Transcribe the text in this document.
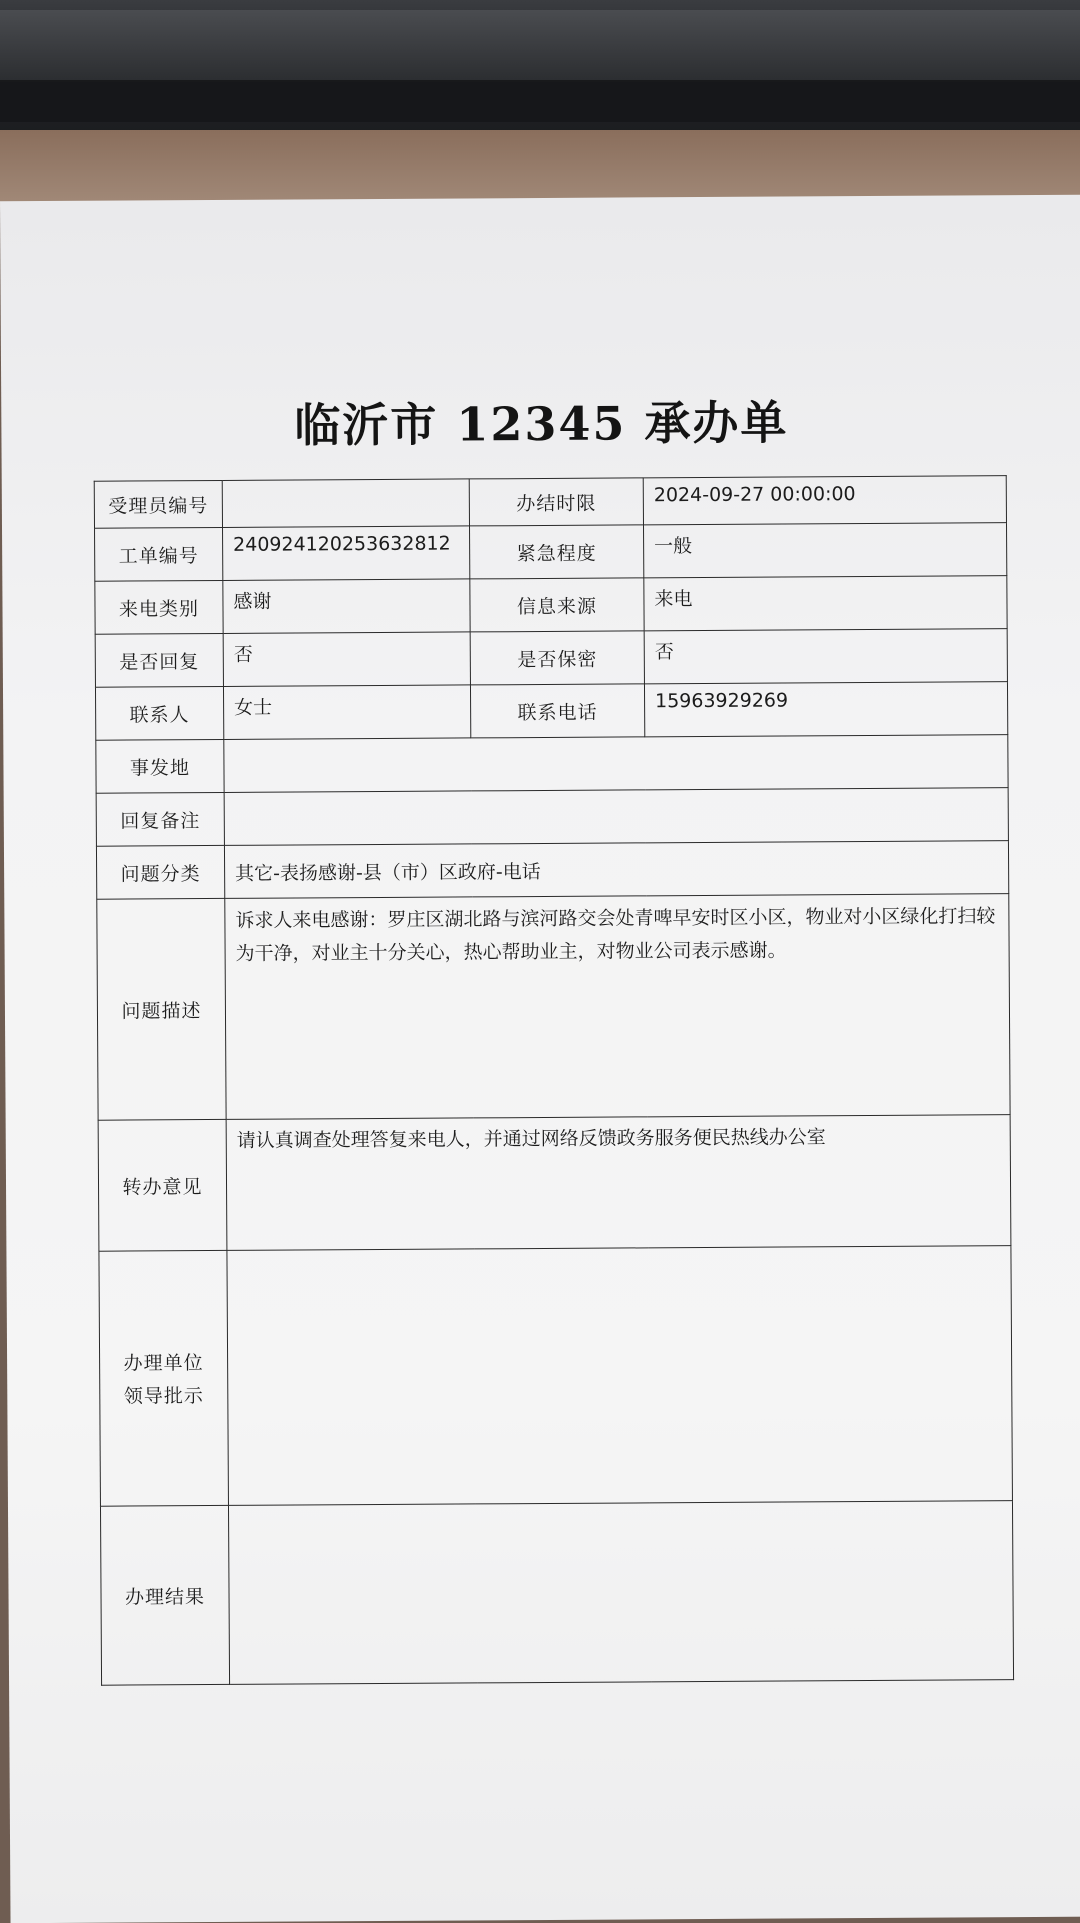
临沂市 12345 承办单
受理员编号		办结时限	2024-09-27 00:00:00
工单编号	240924120253632812	紧急程度	一般
来电类别	感谢	信息来源	来电
是否回复	否	是否保密	否
联系人	女士	联系电话	15963929269
事发地			
回复备注			
问题分类	其它-表扬感谢-县（市）区政府-电话		
问题描述	诉求人来电感谢：罗庄区湖北路与滨河路交会处青啤早安时区小区，物业对小区绿化打扫较为干净，对业主十分关心，热心帮助业主，对物业公司表示感谢。		
转办意见	请认真调查处理答复来电人，并通过网络反馈政务服务便民热线办公室		

办理单位
领导批示			

办理结果			
